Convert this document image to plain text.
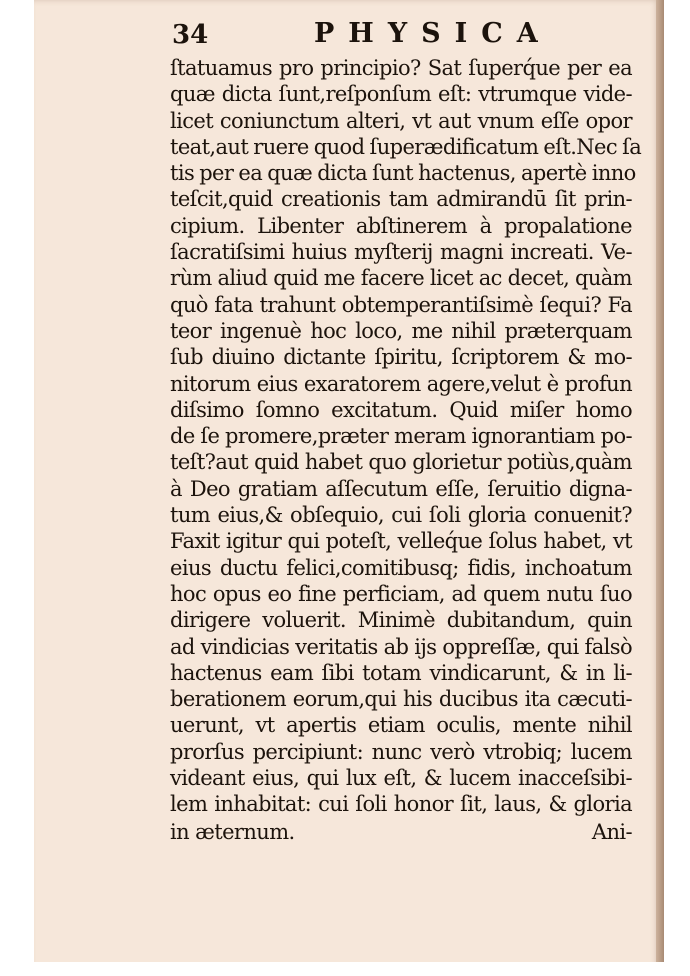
34	PHYSICA
ſtatuamus pro principio? Sat ſuperq́ue per ea
quæ dicta ſunt,reſponſum eſt: vtrumque vide-
licet coniunctum alteri, vt aut vnum eſſe opor
teat,aut ruere quod ſuperædificatum eſt.Nec ſa
tis per ea quæ dicta ſunt hactenus, apertè inno
teſcit,quid creationis tam admirandū ſit prin-
cipium. Libenter abſtinerem à propalatione
ſacratiſsimi huius myſterij magni increati. Ve-
rùm aliud quid me facere licet ac decet, quàm
quò fata trahunt obtemperantiſsimè ſequi? Fa
teor ingenuè hoc loco, me nihil præterquam
ſub diuino dictante ſpiritu, ſcriptorem & mo-
nitorum eius exaratorem agere,velut è profun
diſsimo ſomno excitatum. Quid miſer homo
de ſe promere,præter meram ignorantiam po-
teſt?aut quid habet quo glorietur potiùs,quàm
à Deo gratiam aſſecutum eſſe, ſeruitio digna-
tum eius,& obſequio, cui ſoli gloria conuenit?
Faxit igitur qui poteſt, velleq́ue ſolus habet, vt
eius ductu felici,comitibusq; fidis, inchoatum
hoc opus eo fine perficiam, ad quem nutu ſuo
dirigere voluerit. Minimè dubitandum, quin
ad vindicias veritatis ab ijs oppreſſæ, qui falsò
hactenus eam ſibi totam vindicarunt, & in li-
berationem eorum,qui his ducibus ita cæcuti-
uerunt, vt apertis etiam oculis, mente nihil
prorſus percipiunt: nunc verò vtrobiq; lucem
videant eius, qui lux eſt, & lucem inacceſsibi-
lem inhabitat: cui ſoli honor ſit, laus, & gloria
in æternum.	Ani-
